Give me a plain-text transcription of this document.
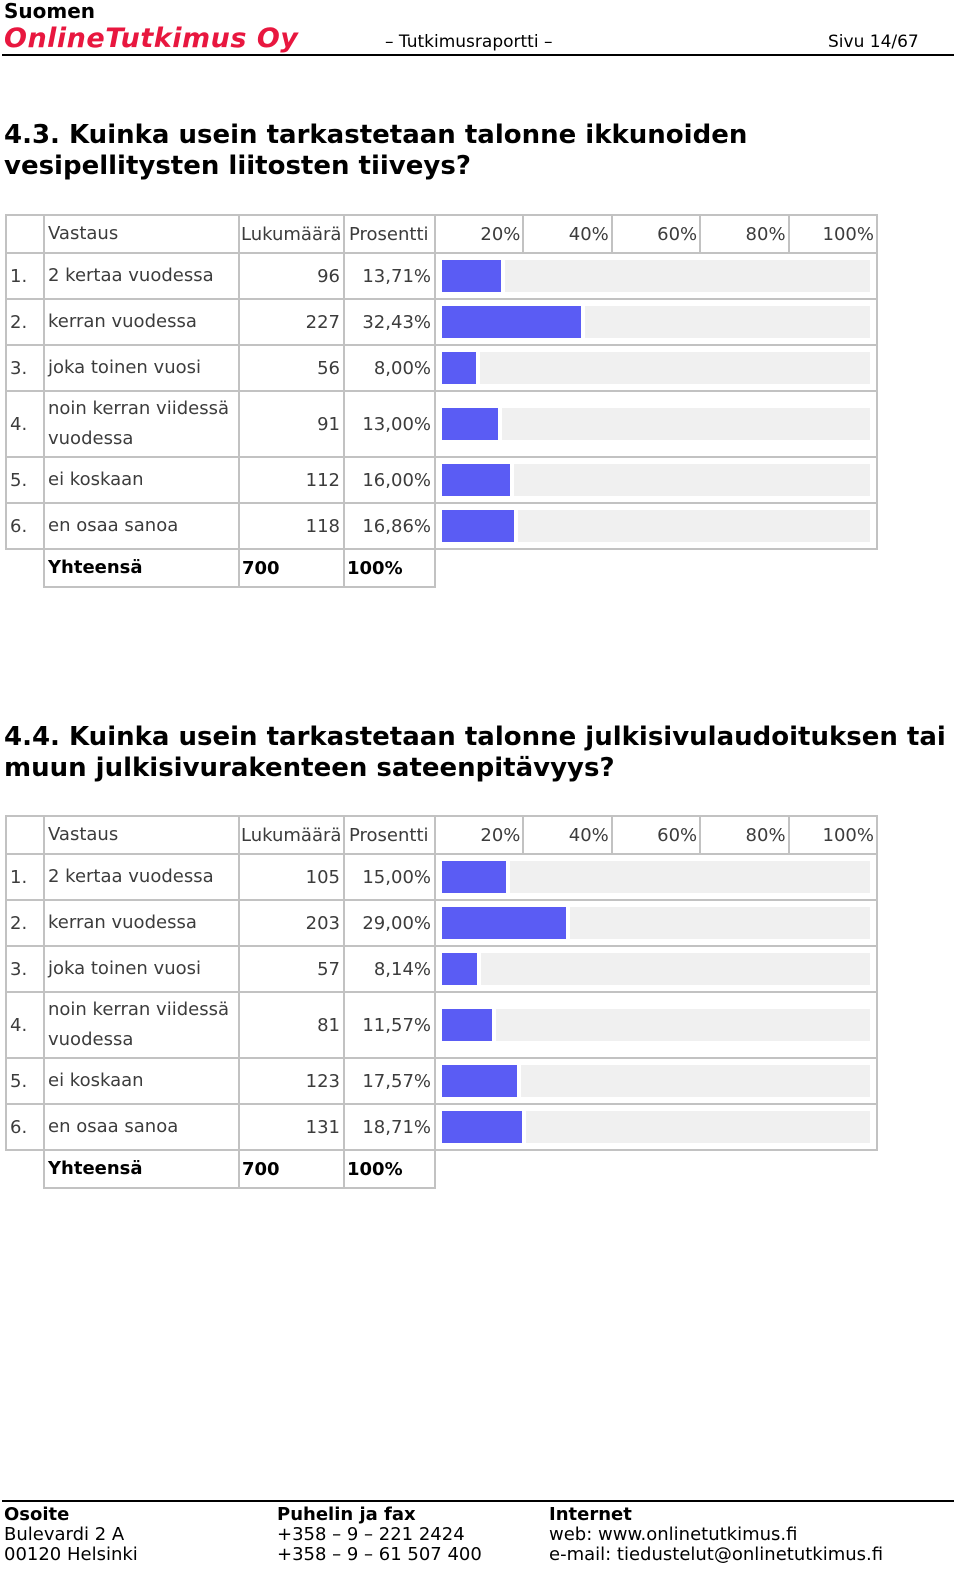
Suomen
OnlineTutkimus Oy	– Tutkimusraportti –	Sivu 14/67
4.3. Kuinka usein tarkastetaan talonne ikkunoiden vesipellitysten liitosten tiiveys?
	Vastaus	Lukumäärä	Prosentti	20%	40%	60%	80%	100%
1.	2 kertaa vuodessa	96	13,71%					

2.	kerran vuodessa	227	32,43%					

3.	joka toinen vuosi	56	8,00%					

4.	noin kerran viidessä vuodessa	91	13,00%					

5.	ei koskaan	112	16,00%					

6.	en osaa sanoa	118	16,86%					

	Yhteensä	700	100%					
4.4. Kuinka usein tarkastetaan talonne julkisivulaudoituksen tai muun julkisivurakenteen sateenpitävyys?
	Vastaus	Lukumäärä	Prosentti	20%	40%	60%	80%	100%
1.	2 kertaa vuodessa	105	15,00%					

2.	kerran vuodessa	203	29,00%					

3.	joka toinen vuosi	57	8,14%					

4.	noin kerran viidessä vuodessa	81	11,57%					

5.	ei koskaan	123	17,57%					

6.	en osaa sanoa	131	18,71%					

	Yhteensä	700	100%					
Osoite
Bulevardi 2 A
00120 Helsinki
Puhelin ja fax
+358 – 9 – 221 2424
+358 – 9 – 61 507 400
Internet
web: www.onlinetutkimus.fi
e-mail: tiedustelut@onlinetutkimus.fi
